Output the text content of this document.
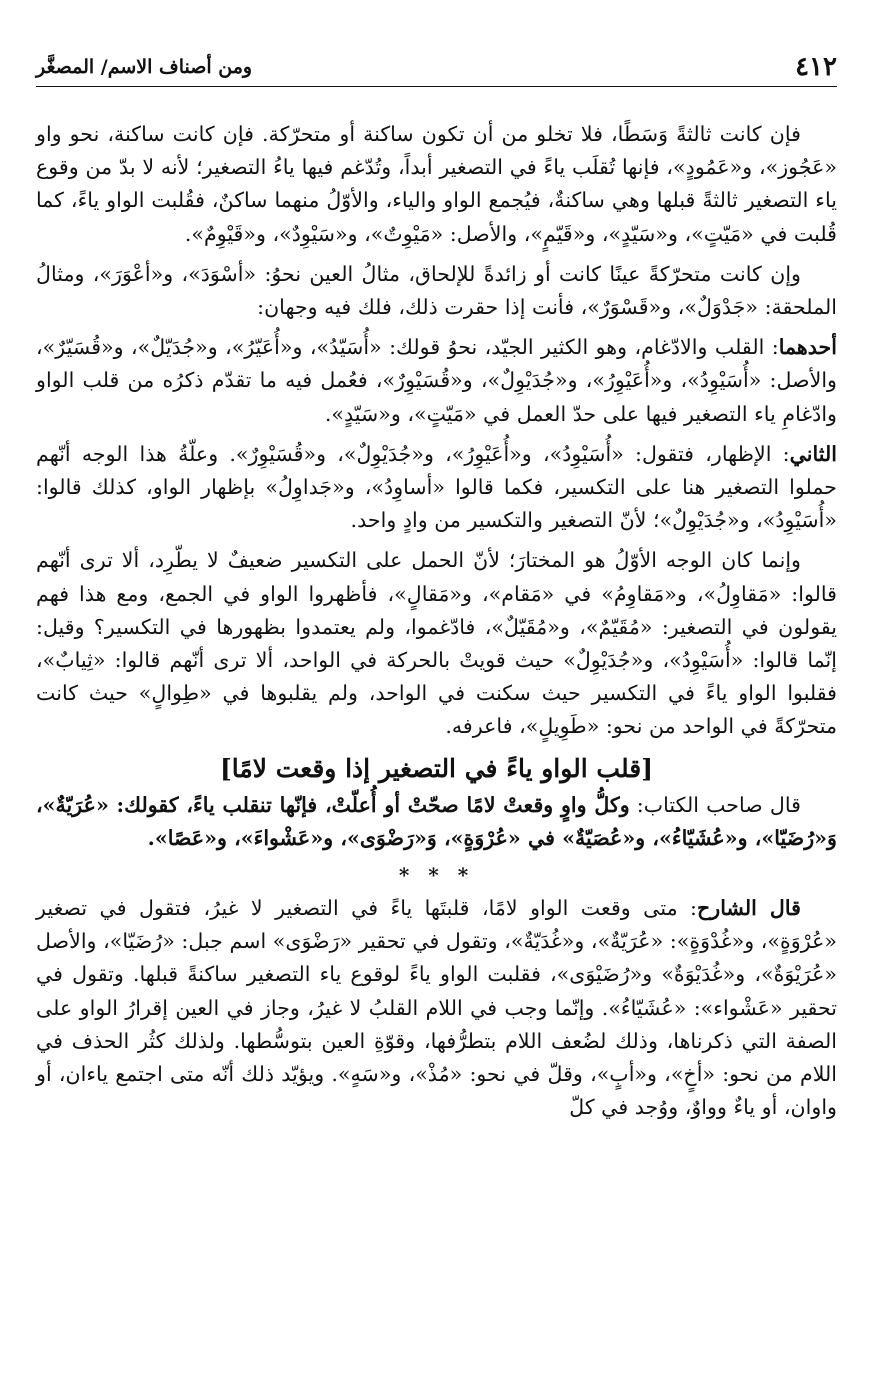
٤١٢
ومن أصناف الاسم/ المصغَّر

فإن كانت ثالثةً وَسَطًا، فلا تخلو من أن تكون ساكنة أو متحرّكة. فإن كانت ساكنة، نحو واو «عَجُوز»، و«عَمُودٍ»، فإنها تُقلَب ياءً في التصغير أبداً، وتُدّغم فيها ياءُ التصغير؛ لأنه لا بدّ من وقوع ياء التصغير ثالثةً قبلها وهي ساكنةٌ، فيُجمع الواو والياء، والأوّلُ منهما ساكنٌ، فقُلبت الواو ياءً، كما قُلبت في «مَيّتٍ»، و«سَيّدٍ»، و«قَيّمٍ»، والأصل: «مَيْوِتٌ»، و«سَيْوِدٌ»، و«قَيْوِمٌ».

وإن كانت متحرّكةً عينًا كانت أو زائدةً للإلحاق، مثالُ العين نحوُ: «أسْوَدَ»، و«أعْوَرَ»، ومثالُ الملحقة: «جَدْوَلٌ»، و«قَسْوَرٌ»، فأنت إذا حقرت ذلك، فلك فيه وجهان:

أحدهما: القلب والادّغام، وهو الكثير الجيّد، نحوُ قولك: «أُسَيّدُ»، و«أُعَيّرُ»، و«جُدَيّلٌ»، و«قُسَيّرٌ»، والأصل: «أُسَيْوِدُ»، و«أُعَيْوِرُ»، و«جُدَيْوِلٌ»، و«قُسَيْوِرٌ»، فعُمل فيه ما تقدّم ذكرُه من قلب الواو وادّغامِ ياء التصغير فيها على حدّ العمل في «مَيّتٍ»، و«سَيّدٍ».

الثاني: الإظهار، فتقول: «أُسَيْوِدُ»، و«أُعَيْوِرُ»، و«جُدَيْوِلٌ»، و«قُسَيْوِرٌ». وعلّةُ هذا الوجه أنّهم حملوا التصغير هنا على التكسير، فكما قالوا «أساوِدُ»، و«جَداوِلُ» بإظهار الواو، كذلك قالوا: «أُسَيْوِدُ»، و«جُدَيْوِلٌ»؛ لأنّ التصغير والتكسير من وادٍ واحد.

وإنما كان الوجه الأوّلُ هو المختارَ؛ لأنّ الحمل على التكسير ضعيفٌ لا يطّرِد، ألا ترى أنّهم قالوا: «مَقاوِلُ»، و«مَقاوِمُ» في «مَقام»، و«مَقالٍ»، فأظهروا الواو في الجمع، ومع هذا فهم يقولون في التصغير: «مُقَيّمٌ»، و«مُقَيّلٌ»، فادّغموا، ولم يعتمدوا بظهورها في التكسير؟ وقيل: إنّما قالوا: «أُسَيْوِدُ»، و«جُدَيْوِلٌ» حيث قويتْ بالحركة في الواحد، ألا ترى أنّهم قالوا: «ثِيابٌ»، فقلبوا الواو ياءً في التكسير حيث سكنت في الواحد، ولم يقلبوها في «طِوالٍ» حيث كانت متحرّكةً في الواحد من نحو: «طَوِيلٍ»، فاعرفه.

[قلب الواو ياءً في التصغير إذا وقعت لامًا]

قال صاحب الكتاب: وكلُّ واوٍ وقعتْ لامًا صحّتْ أو أُعلّتْ، فإنّها تنقلب ياءً، كقولك: «عُرَيّةٌ»، وَ«رُضَيّا»، و«عُشَيّاءُ»، و«عُصَيّةٌ» في «عُرْوَةٍ»، وَ«رَضْوَى»، و«عَشْواءَ»، و«عَصًا».

* * *

قال الشارح: متى وقعت الواو لامًا، قلبتَها ياءً في التصغير لا غيرُ، فتقول في تصغير «عُرْوَةٍ»، و«غُدْوَةٍ»: «عُرَيّةٌ»، و«غُدَيّةٌ»، وتقول في تحقير «رَضْوَى» اسم جبل: «رُضَيّا»، والأصل «عُرَيْوَةٌ»، و«غُدَيْوَةٌ» و«رُضَيْوَى»، فقلبت الواو ياءً لوقوع ياء التصغير ساكنةً قبلها. وتقول في تحقير «عَشْواء»: «عُشَيّاءُ». وإنّما وجب في اللام القلبُ لا غيرُ، وجاز في العين إقرارُ الواو على الصفة التي ذكرناها، وذلك لضُعف اللام بتطرُّفها، وقوّةِ العين بتوسُّطها. ولذلك كثُر الحذف في اللام من نحو: «أخٍ»، و«أبٍ»، وقلّ في نحو: «مُذْ»، و«سَهٍ». ويؤيّد ذلك أنّه متى اجتمع ياءان، أو واوان، أو ياءٌ وواوٌ، ووُجد في كلّ
